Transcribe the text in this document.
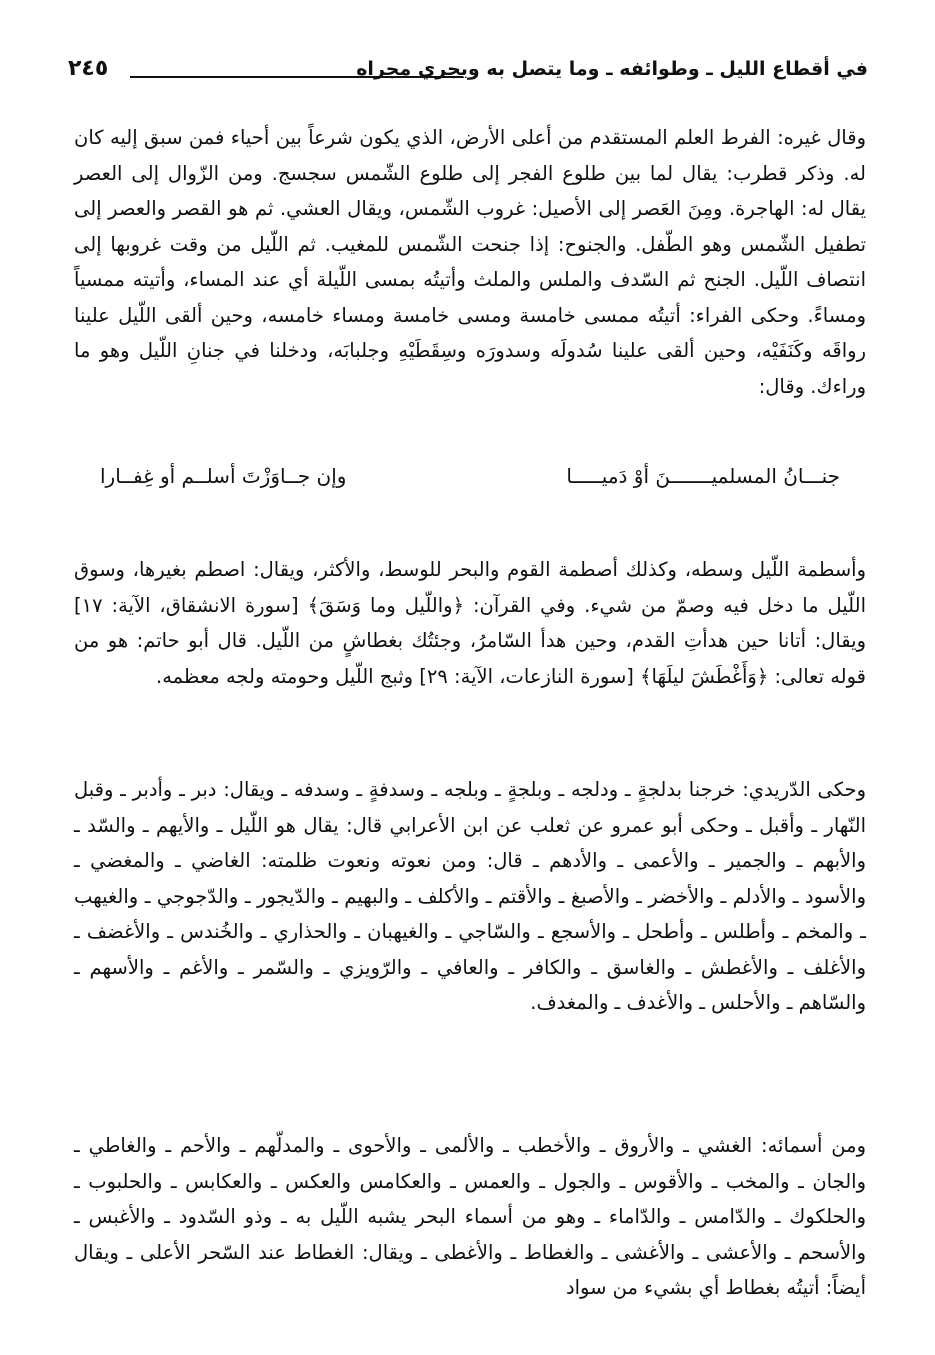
في أقطاع الليل ـ وطوائفه ـ وما يتصل به ويجري مجراه
٢٤٥

وقال غيره: الفرط العلم المستقدم من أعلى الأرض، الذي يكون شرعاً بين أحياء فمن سبق إليه كان له. وذكر قطرب: يقال لما بين طلوع الفجر إلى طلوع الشّمس سجسج. ومن الزّوال إلى العصر يقال له: الهاجرة. ومِنَ العَصر إلى الأصيل: غروب الشّمس، ويقال العشي. ثم هو القصر والعصر إلى تطفيل الشّمس وهو الطّفل. والجنوح: إذا جنحت الشّمس للمغيب. ثم اللّيل من وقت غروبها إلى انتصاف اللّيل. الجنح ثم السّدف والملس والملث وأتيتُه بمسى اللّيلة أي عند المساء، وأتيته ممسياً ومساءً. وحكى الفراء: أتيتُه ممسى خامسة ومسى خامسة ومساء خامسه، وحين ألقى اللّيل علينا رواقَه وكَنَفَيْه، وحين ألقى علينا سُدولَه وسدورَه وسِقَطَيْهِ وجلبابَه، ودخلنا في جنانِ اللّيل وهو ما وراءك. وقال:

جنـــانُ المسلميـــــــنَ أوْ دَميـــــا
وإن جــاوَزْتَ أسلــم أو غِفــارا

وأسطمة اللّيل وسطه، وكذلك أصطمة القوم والبحر للوسط، والأكثر، ويقال: اصطم بغيرها، وسوق اللّيل ما دخل فيه وصمّ من شيء. وفي القرآن: ﴿واللّيل وما وَسَقَ﴾ [سورة الانشقاق، الآية: ١٧] ويقال: أتانا حين هدأتِ القدم، وحين هدأ السّامرُ، وجئتُك بغطاشٍ من اللّيل. قال أبو حاتم: هو من قوله تعالى: ﴿وَأَغْطَشَ ليلَهَا﴾ [سورة النازعات، الآية: ٢٩] وثبج اللّيل وحومته ولجه معظمه.

وحكى الدّريدي: خرجنا بدلجةٍ ـ ودلجه ـ وبلجةٍ ـ وبلجه ـ وسدفةٍ ـ وسدفه ـ ويقال: دبر ـ وأدبر ـ وقبل النّهار ـ وأقبل ـ وحكى أبو عمرو عن ثعلب عن ابن الأعرابي قال: يقال هو اللّيل ـ والأيهم ـ والسّد ـ والأبهم ـ والجمير ـ والأعمى ـ والأدهم ـ قال: ومن نعوته ونعوت ظلمته: الغاضي ـ والمغضي ـ والأسود ـ والأدلم ـ والأخضر ـ والأصبغ ـ والأقتم ـ والأكلف ـ والبهيم ـ والدّيجور ـ والدّجوجي ـ والغيهب ـ والمخم ـ وأطلس ـ وأطحل ـ والأسجع ـ والسّاجي ـ والغيهبان ـ والحذاري ـ والخُندس ـ والأغضف ـ والأغلف ـ والأغطش ـ والغاسق ـ والكافر ـ والعافي ـ والرّويزي ـ والسّمر ـ والأغم ـ والأسهم ـ والسّاهم ـ والأحلس ـ والأغدف ـ والمغدف.

ومن أسمائه: الغشي ـ والأروق ـ والأخطب ـ والألمى ـ والأحوى ـ والمدلّهم ـ والأحم ـ والغاطي ـ والجان ـ والمخب ـ والأقوس ـ والجول ـ والعمس ـ والعكامس والعكس ـ والعكابس ـ والحلبوب ـ والحلكوك ـ والدّامس ـ والدّاماء ـ وهو من أسماء البحر يشبه اللّيل به ـ وذو السّدود ـ والأغبس ـ والأسحم ـ والأعشى ـ والأغشى ـ والغطاط ـ والأغطى ـ ويقال: الغطاط عند السّحر الأعلى ـ ويقال أيضاً: أتيتُه بغطاط أي بشيء من سواد
